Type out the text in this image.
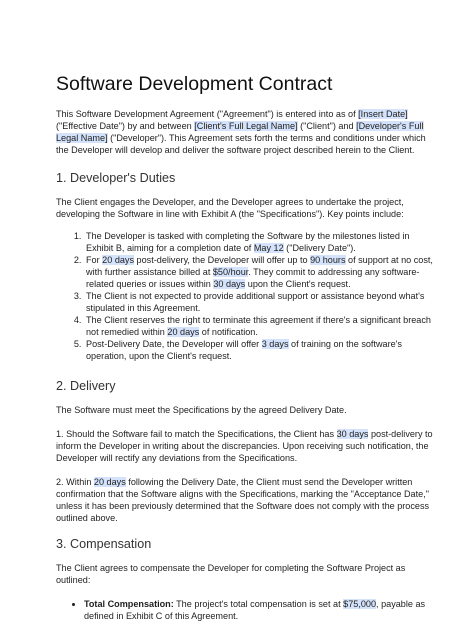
Software Development Contract

This Software Development Agreement ("Agreement") is entered into as of [Insert Date] ("Effective Date") by and between [Client's Full Legal Name] ("Client") and [Developer's Full Legal Name] ("Developer"). This Agreement sets forth the terms and conditions under which the Developer will develop and deliver the software project described herein to the Client.

1. Developer's Duties

The Client engages the Developer, and the Developer agrees to undertake the project, developing the Software in line with Exhibit A (the "Specifications"). Key points include:

1. The Developer is tasked with completing the Software by the milestones listed in Exhibit B, aiming for a completion date of May 12 ("Delivery Date").
2. For 20 days post-delivery, the Developer will offer up to 90 hours of support at no cost, with further assistance billed at $50/hour. They commit to addressing any software-related queries or issues within 30 days upon the Client's request.
3. The Client is not expected to provide additional support or assistance beyond what's stipulated in this Agreement.
4. The Client reserves the right to terminate this agreement if there's a significant breach not remedied within 20 days of notification.
5. Post-Delivery Date, the Developer will offer 3 days of training on the software's operation, upon the Client's request.
2. Delivery

The Software must meet the Specifications by the agreed Delivery Date.

1. Should the Software fail to match the Specifications, the Client has 30 days post-delivery to inform the Developer in writing about the discrepancies. Upon receiving such notification, the Developer will rectify any deviations from the Specifications.

2. Within 20 days following the Delivery Date, the Client must send the Developer written confirmation that the Software aligns with the Specifications, marking the "Acceptance Date," unless it has been previously determined that the Software does not comply with the process outlined above.

3. Compensation

The Client agrees to compensate the Developer for completing the Software Project as outlined:

• Total Compensation: The project's total compensation is set at $75,000, payable as defined in Exhibit C of this Agreement.
